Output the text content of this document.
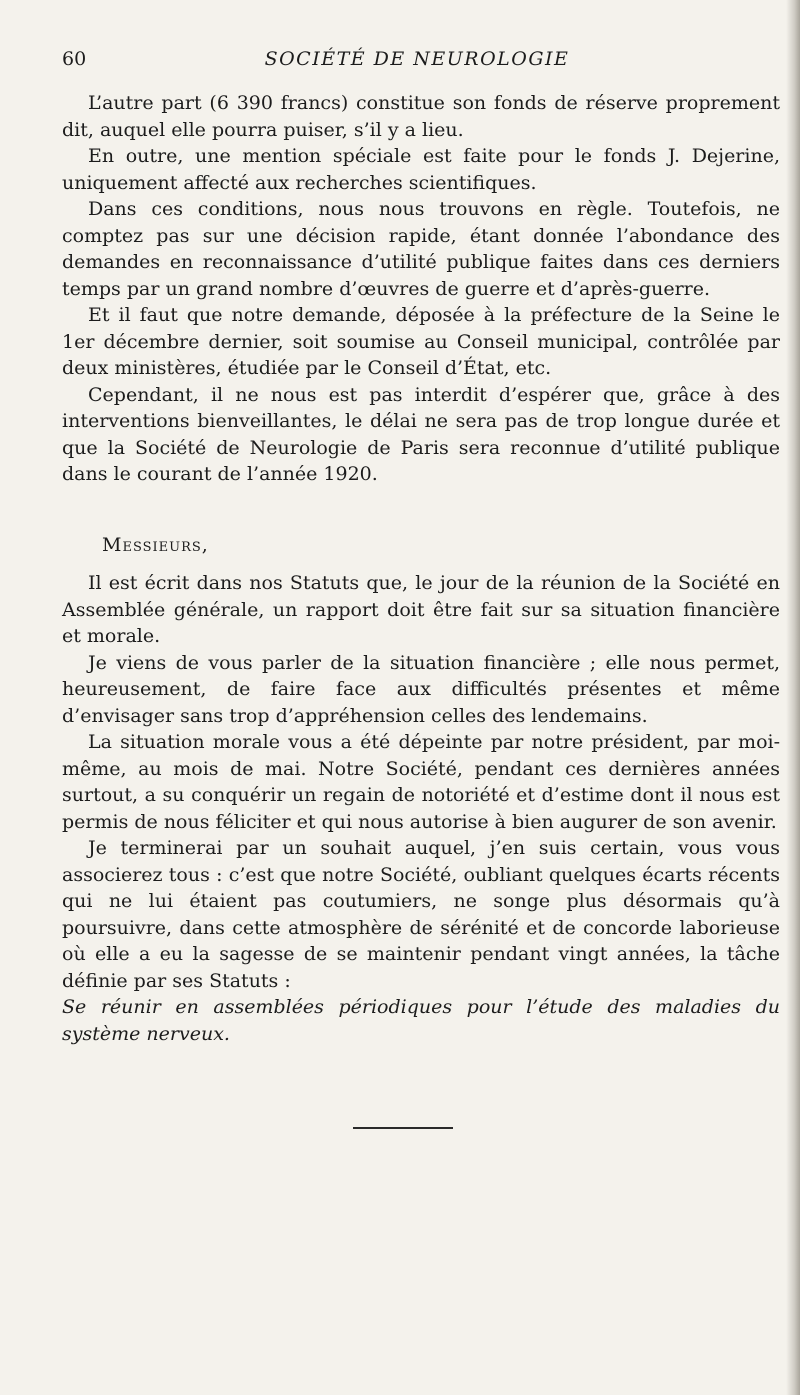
60	SOCIÉTÉ DE NEUROLOGIE

L’autre part (6 390 francs) constitue son fonds de réserve proprement dit, auquel elle pourra puiser, s’il y a lieu.

En outre, une mention spéciale est faite pour le fonds J. Dejerine, uniquement affecté aux recherches scientifiques.

Dans ces conditions, nous nous trouvons en règle. Toutefois, ne comptez pas sur une décision rapide, étant donnée l’abondance des demandes en reconnaissance d’utilité publique faites dans ces derniers temps par un grand nombre d’œuvres de guerre et d’après-guerre.

Et il faut que notre demande, déposée à la préfecture de la Seine le 1er décembre dernier, soit soumise au Conseil municipal, contrôlée par deux ministères, étudiée par le Conseil d’État, etc.

Cependant, il ne nous est pas interdit d’espérer que, grâce à des interventions bienveillantes, le délai ne sera pas de trop longue durée et que la Société de Neurologie de Paris sera reconnue d’utilité publique dans le courant de l’année 1920.

Messieurs,

Il est écrit dans nos Statuts que, le jour de la réunion de la Société en Assemblée générale, un rapport doit être fait sur sa situation financière et morale.

Je viens de vous parler de la situation financière ; elle nous permet, heureusement, de faire face aux difficultés présentes et même d’envisager sans trop d’appréhension celles des lendemains.

La situation morale vous a été dépeinte par notre président, par moi-même, au mois de mai. Notre Société, pendant ces dernières années surtout, a su conquérir un regain de notoriété et d’estime dont il nous est permis de nous féliciter et qui nous autorise à bien augurer de son avenir.

Je terminerai par un souhait auquel, j’en suis certain, vous vous associerez tous : c’est que notre Société, oubliant quelques écarts récents qui ne lui étaient pas coutumiers, ne songe plus désormais qu’à poursuivre, dans cette atmosphère de sérénité et de concorde laborieuse où elle a eu la sagesse de se maintenir pendant vingt années, la tâche définie par ses Statuts :

Se réunir en assemblées périodiques pour l’étude des maladies du système nerveux.
